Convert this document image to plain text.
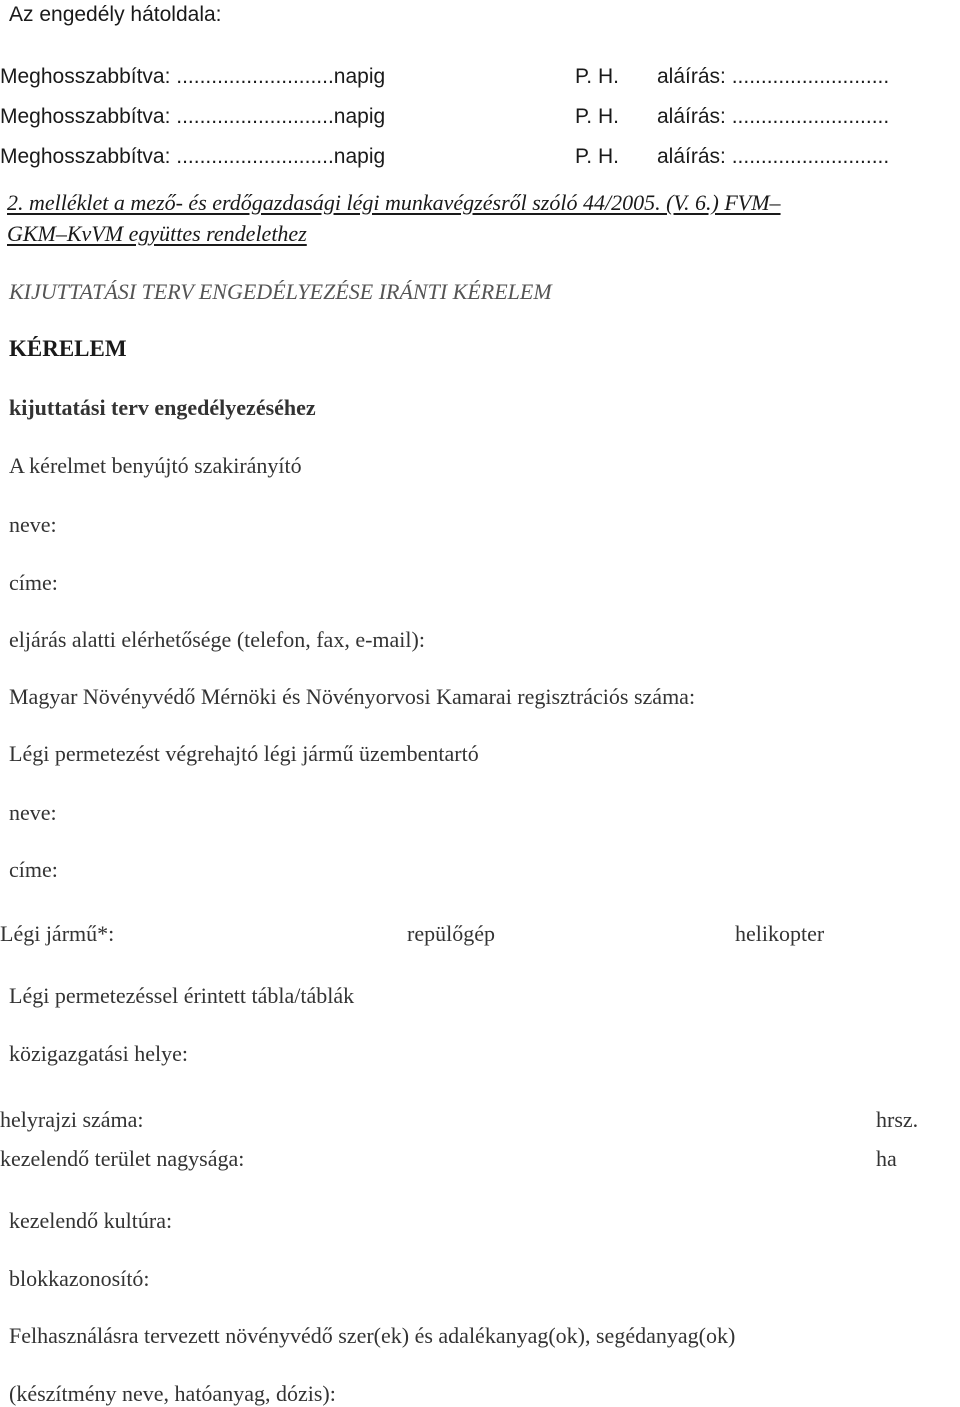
Az engedély hátoldala:
Meghosszabbítva: ...........................napig	P. H. aláírás: ...........................
Meghosszabbítva: ...........................napig	P. H. aláírás: ...........................
Meghosszabbítva: ...........................napig	P. H. aláírás: ...........................
2. melléklet a mező- és erdőgazdasági légi munkavégzésről szóló 44/2005. (V. 6.) FVM–
GKM–KvVM együttes rendelethez
KIJUTTATÁSI TERV ENGEDÉLYEZÉSE IRÁNTI KÉRELEM
KÉRELEM
kijuttatási terv engedélyezéséhez
A kérelmet benyújtó szakirányító
neve:
címe:
eljárás alatti elérhetősége (telefon, fax, e-mail):
Magyar Növényvédő Mérnöki és Növényorvosi Kamarai regisztrációs száma:
Légi permetezést végrehajtó légi jármű üzembentartó
neve:
címe:
Légi jármű*:	repülőgép	helikopter
Légi permetezéssel érintett tábla/táblák
közigazgatási helye:
helyrajzi száma:	hrsz.
kezelendő terület nagysága:	ha
kezelendő kultúra:
blokkazonosító:
Felhasználásra tervezett növényvédő szer(ek) és adalékanyag(ok), segédanyag(ok)
(készítmény neve, hatóanyag, dózis):
